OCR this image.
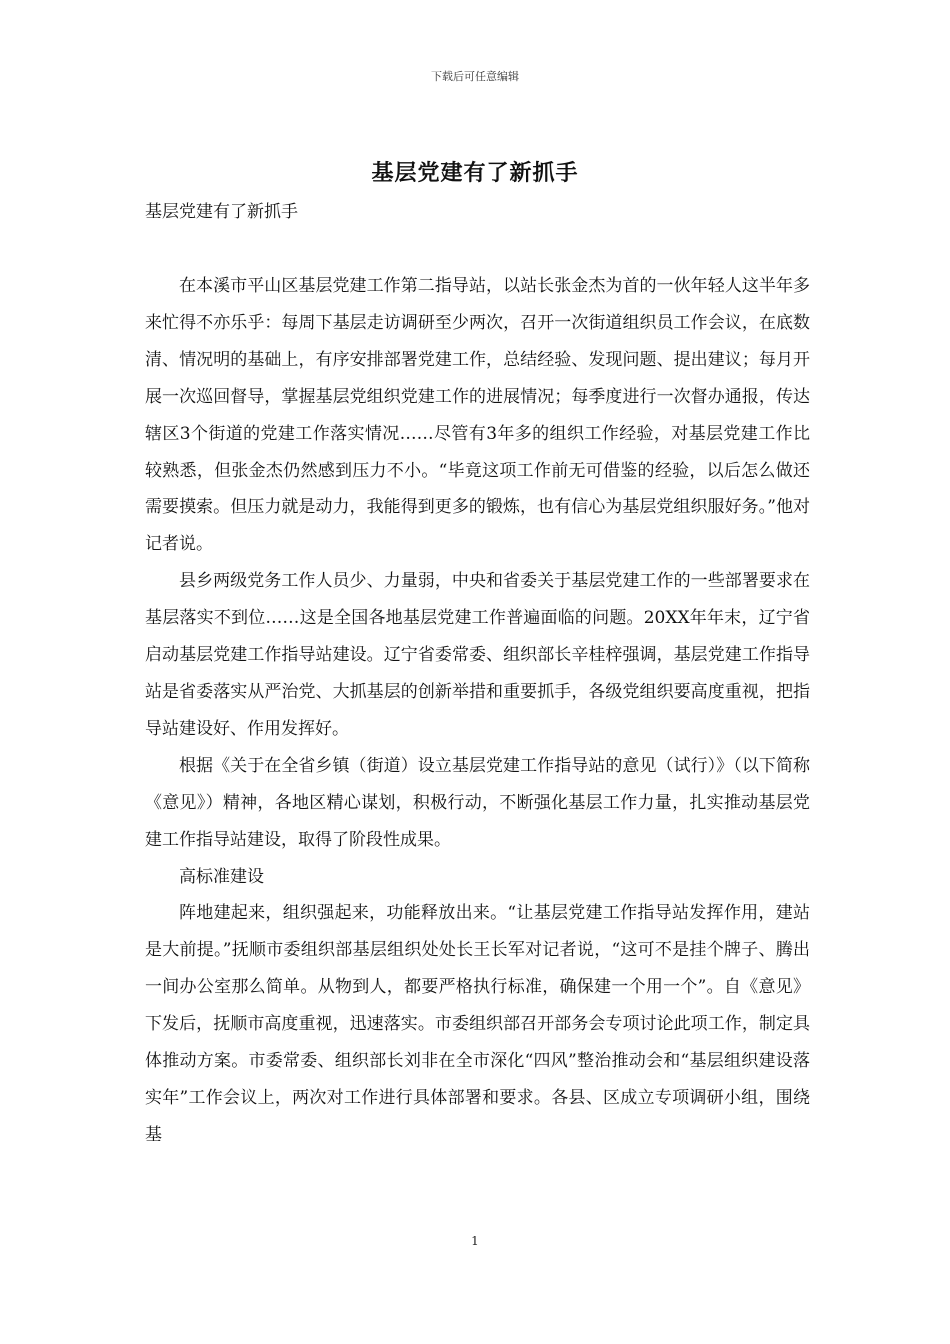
下载后可任意编辑
基层党建有了新抓手
基层党建有了新抓手

在本溪市平山区基层党建工作第二指导站，以站长张金杰为首的一伙年轻人这半年多来忙得不亦乐乎：每周下基层走访调研至少两次，召开一次街道组织员工作会议，在底数清、情况明的基础上，有序安排部署党建工作，总结经验、发现问题、提出建议；每月开展一次巡回督导，掌握基层党组织党建工作的进展情况；每季度进行一次督办通报，传达辖区3个街道的党建工作落实情况……尽管有3年多的组织工作经验，对基层党建工作比较熟悉，但张金杰仍然感到压力不小。“毕竟这项工作前无可借鉴的经验，以后怎么做还需要摸索。但压力就是动力，我能得到更多的锻炼，也有信心为基层党组织服好务。”他对记者说。

县乡两级党务工作人员少、力量弱，中央和省委关于基层党建工作的一些部署要求在基层落实不到位……这是全国各地基层党建工作普遍面临的问题。20XX年年末，辽宁省启动基层党建工作指导站建设。辽宁省委常委、组织部长辛桂梓强调，基层党建工作指导站是省委落实从严治党、大抓基层的创新举措和重要抓手，各级党组织要高度重视，把指导站建设好、作用发挥好。

根据《关于在全省乡镇（街道）设立基层党建工作指导站的意见（试行）》（以下简称《意见》）精神，各地区精心谋划，积极行动，不断强化基层工作力量，扎实推动基层党建工作指导站建设，取得了阶段性成果。

高标准建设

阵地建起来，组织强起来，功能释放出来。“让基层党建工作指导站发挥作用，建站是大前提。”抚顺市委组织部基层组织处处长王长军对记者说，“这可不是挂个牌子、腾出一间办公室那么简单。从物到人，都要严格执行标准，确保建一个用一个”。自《意见》下发后，抚顺市高度重视，迅速落实。市委组织部召开部务会专项讨论此项工作，制定具体推动方案。市委常委、组织部长刘非在全市深化“四风”整治推动会和“基层组织建设落实年”工作会议上，两次对工作进行具体部署和要求。各县、区成立专项调研小组，围绕基

1
